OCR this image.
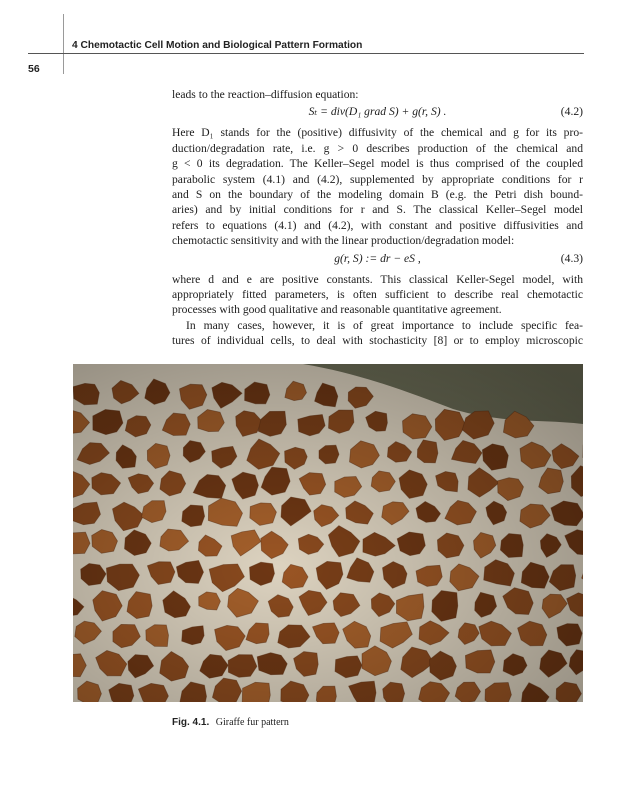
4 Chemotactic Cell Motion and Biological Pattern Formation
56
leads to the reaction–diffusion equation:
Sₜ = div(D₁ grad S) + g(r, S) .	(4.2)
Here D₁ stands for the (positive) diffusivity of the chemical and g for its pro-
duction/degradation rate, i.e. g > 0 describes production of the chemical and
g < 0 its degradation. The Keller–Segel model is thus comprised of the coupled
parabolic system (4.1) and (4.2), supplemented by appropriate conditions for r
and S on the boundary of the modeling domain B (e.g. the Petri dish bound-
aries) and by initial conditions for r and S. The classical Keller–Segel model
refers to equations (4.1) and (4.2), with constant and positive diffusivities and
chemotactic sensitivity and with the linear production/degradation model:
g(r, S) := dr − eS ,	(4.3)
where d and e are positive constants. This classical Keller-Segel model, with
appropriately fitted parameters, is often sufficient to describe real chemotactic
processes with good qualitative and reasonable quantitative agreement.
In many cases, however, it is of great importance to include specific fea-
tures of individual cells, to deal with stochasticity [8] or to employ microscopic
Fig. 4.1. Giraffe fur pattern
